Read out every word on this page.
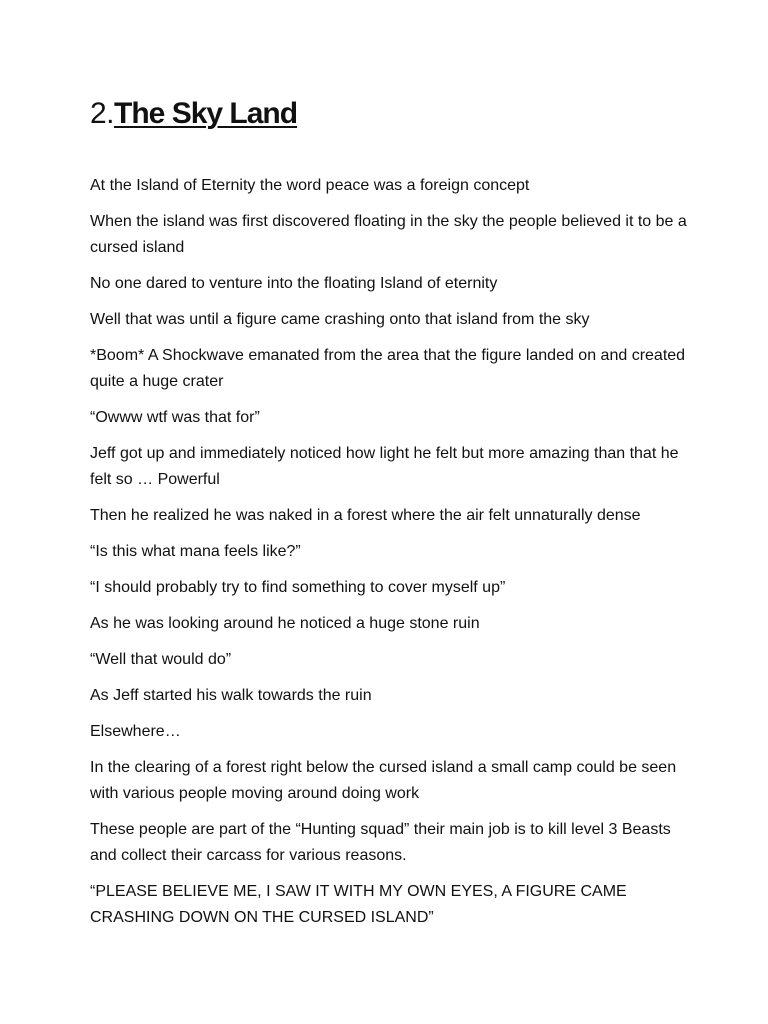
2.The Sky Land

At the Island of Eternity the word peace was a foreign concept

When the island was first discovered floating in the sky the people believed it to be a cursed island

No one dared to venture into the floating Island of eternity

Well that was until a figure came crashing onto that island from the sky

*Boom* A Shockwave emanated from the area that the figure landed on and created quite a huge crater

“Owww wtf was that for”

Jeff got up and immediately noticed how light he felt but more amazing than that he felt so … Powerful

Then he realized he was naked in a forest where the air felt unnaturally dense

“Is this what mana feels like?”

“I should probably try to find something to cover myself up”

As he was looking around he noticed a huge stone ruin

“Well that would do”

As Jeff started his walk towards the ruin

Elsewhere…

In the clearing of a forest right below the cursed island a small camp could be seen with various people moving around doing work

These people are part of the “Hunting squad” their main job is to kill level 3 Beasts and collect their carcass for various reasons.

“PLEASE BELIEVE ME, I SAW IT WITH MY OWN EYES, A FIGURE CAME CRASHING DOWN ON THE CURSED ISLAND”
